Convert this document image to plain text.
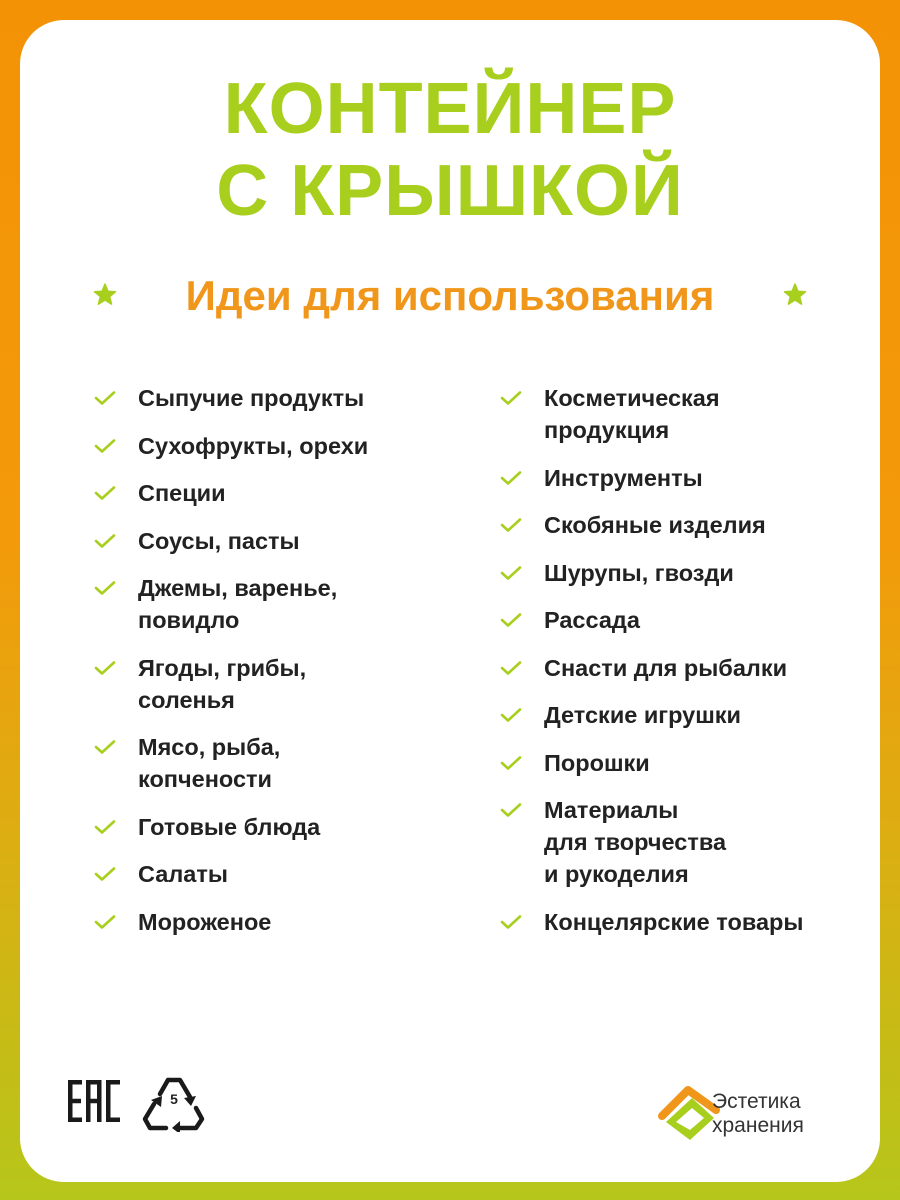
КОНТЕЙНЕР
С КРЫШКОЙ
Идеи для использования
Сыпучие продукты
Сухофрукты, орехи
Специи
Соусы, пасты
Джемы, варенье,
повидло
Ягоды, грибы,
соленья
Мясо, рыба,
копчености
Готовые блюда
Салаты
Мороженое
Косметическая
продукция
Инструменты
Скобяные изделия
Шурупы, гвозди
Рассада
Снасти для рыбалки
Детские игрушки
Порошки
Материалы
для творчества
и рукоделия
Концелярские товары
5	Эстетика
хранения
